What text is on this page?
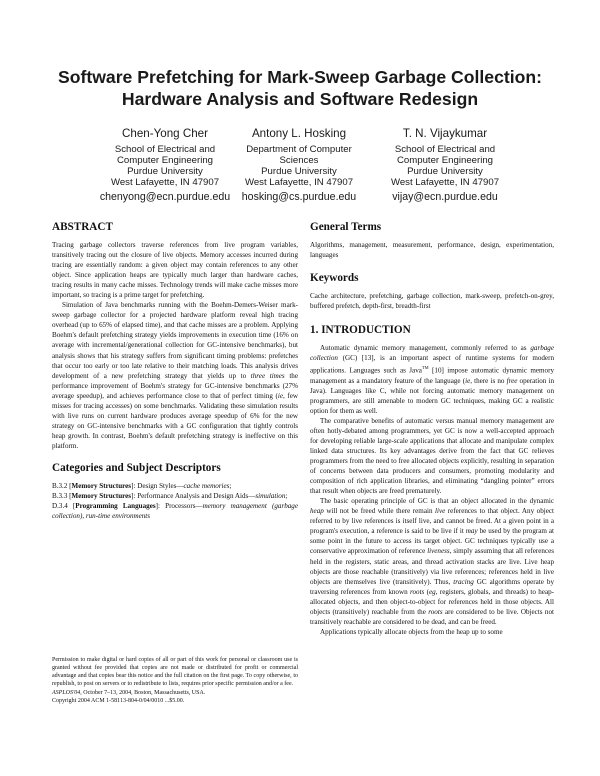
Software Prefetching for Mark-Sweep Garbage Collection:
Hardware Analysis and Software Redesign
Chen-Yong Cher
School of Electrical and
Computer Engineering
Purdue University
West Lafayette, IN 47907
chenyong@ecn.purdue.edu
Antony L. Hosking
Department of Computer
Sciences
Purdue University
West Lafayette, IN 47907
hosking@cs.purdue.edu
T. N. Vijaykumar
School of Electrical and
Computer Engineering
Purdue University
West Lafayette, IN 47907
vijay@ecn.purdue.edu
ABSTRACT

Tracing garbage collectors traverse references from live program variables, transitively tracing out the closure of live objects. Memory accesses incurred during tracing are essentially random: a given object may contain references to any other object. Since application heaps are typically much larger than hardware caches, tracing results in many cache misses. Technology trends will make cache misses more important, so tracing is a prime target for prefetching.

Simulation of Java benchmarks running with the Boehm-Demers-Weiser mark-sweep garbage collector for a projected hardware platform reveal high tracing overhead (up to 65% of elapsed time), and that cache misses are a problem. Applying Boehm's default prefetching strategy yields improvements in execution time (16% on average with incremental/generational collection for GC-intensive benchmarks), but analysis shows that his strategy suffers from significant timing problems: prefetches that occur too early or too late relative to their matching loads. This analysis drives development of a new prefetching strategy that yields up to three times the performance improvement of Boehm's strategy for GC-intensive benchmarks (27% average speedup), and achieves performance close to that of perfect timing (ie, few misses for tracing accesses) on some benchmarks. Validating these simulation results with live runs on current hardware produces average speedup of 6% for the new strategy on GC-intensive benchmarks with a GC configuration that tightly controls heap growth. In contrast, Boehm's default prefetching strategy is ineffective on this platform.

Categories and Subject Descriptors

B.3.2 [Memory Structures]: Design Styles—cache memories;

B.3.3 [Memory Structures]: Performance Analysis and Design Aids—simulation;

D.3.4 [Programming Languages]: Processors—memory management (garbage collection), run-time environments

Permission to make digital or hard copies of all or part of this work for personal or classroom use is granted without fee provided that copies are not made or distributed for profit or commercial advantage and that copies bear this notice and the full citation on the first page. To copy otherwise, to republish, to post on servers or to redistribute to lists, requires prior specific permission and/or a fee.

ASPLOS'04, October 7–13, 2004, Boston, Massachusetts, USA.

Copyright 2004 ACM 1-58113-804-0/04/0010 ...$5.00.

General Terms

Algorithms, management, measurement, performance, design, experimentation, languages

Keywords

Cache architecture, prefetching, garbage collection, mark-sweep, prefetch-on-grey, buffered prefetch, depth-first, breadth-first

1. INTRODUCTION

Automatic dynamic memory management, commonly referred to as garbage collection (GC) [13], is an important aspect of runtime systems for modern applications. Languages such as Java™ [10] impose automatic dynamic memory management as a mandatory feature of the language (ie, there is no free operation in Java). Languages like C, while not forcing automatic memory management on programmers, are still amenable to modern GC techniques, making GC a realistic option for them as well.

The comparative benefits of automatic versus manual memory management are often hotly-debated among programmers, yet GC is now a well-accepted approach for developing reliable large-scale applications that allocate and manipulate complex linked data structures. Its key advantages derive from the fact that GC relieves programmers from the need to free allocated objects explicitly, resulting in separation of concerns between data producers and consumers, promoting modularity and composition of rich application libraries, and eliminating “dangling pointer” errors that result when objects are freed prematurely.

The basic operating principle of GC is that an object allocated in the dynamic heap will not be freed while there remain live references to that object. Any object referred to by live references is itself live, and cannot be freed. At a given point in a program's execution, a reference is said to be live if it may be used by the program at some point in the future to access its target object. GC techniques typically use a conservative approximation of reference liveness, simply assuming that all references held in the registers, static areas, and thread activation stacks are live. Live heap objects are those reachable (transitively) via live references; references held in live objects are themselves live (transitively). Thus, tracing GC algorithms operate by traversing references from known roots (eg, registers, globals, and threads) to heap-allocated objects, and then object-to-object for references held in those objects. All objects (transitively) reachable from the roots are considered to be live. Objects not transitively reachable are considered to be dead, and can be freed.

Applications typically allocate objects from the heap up to some
